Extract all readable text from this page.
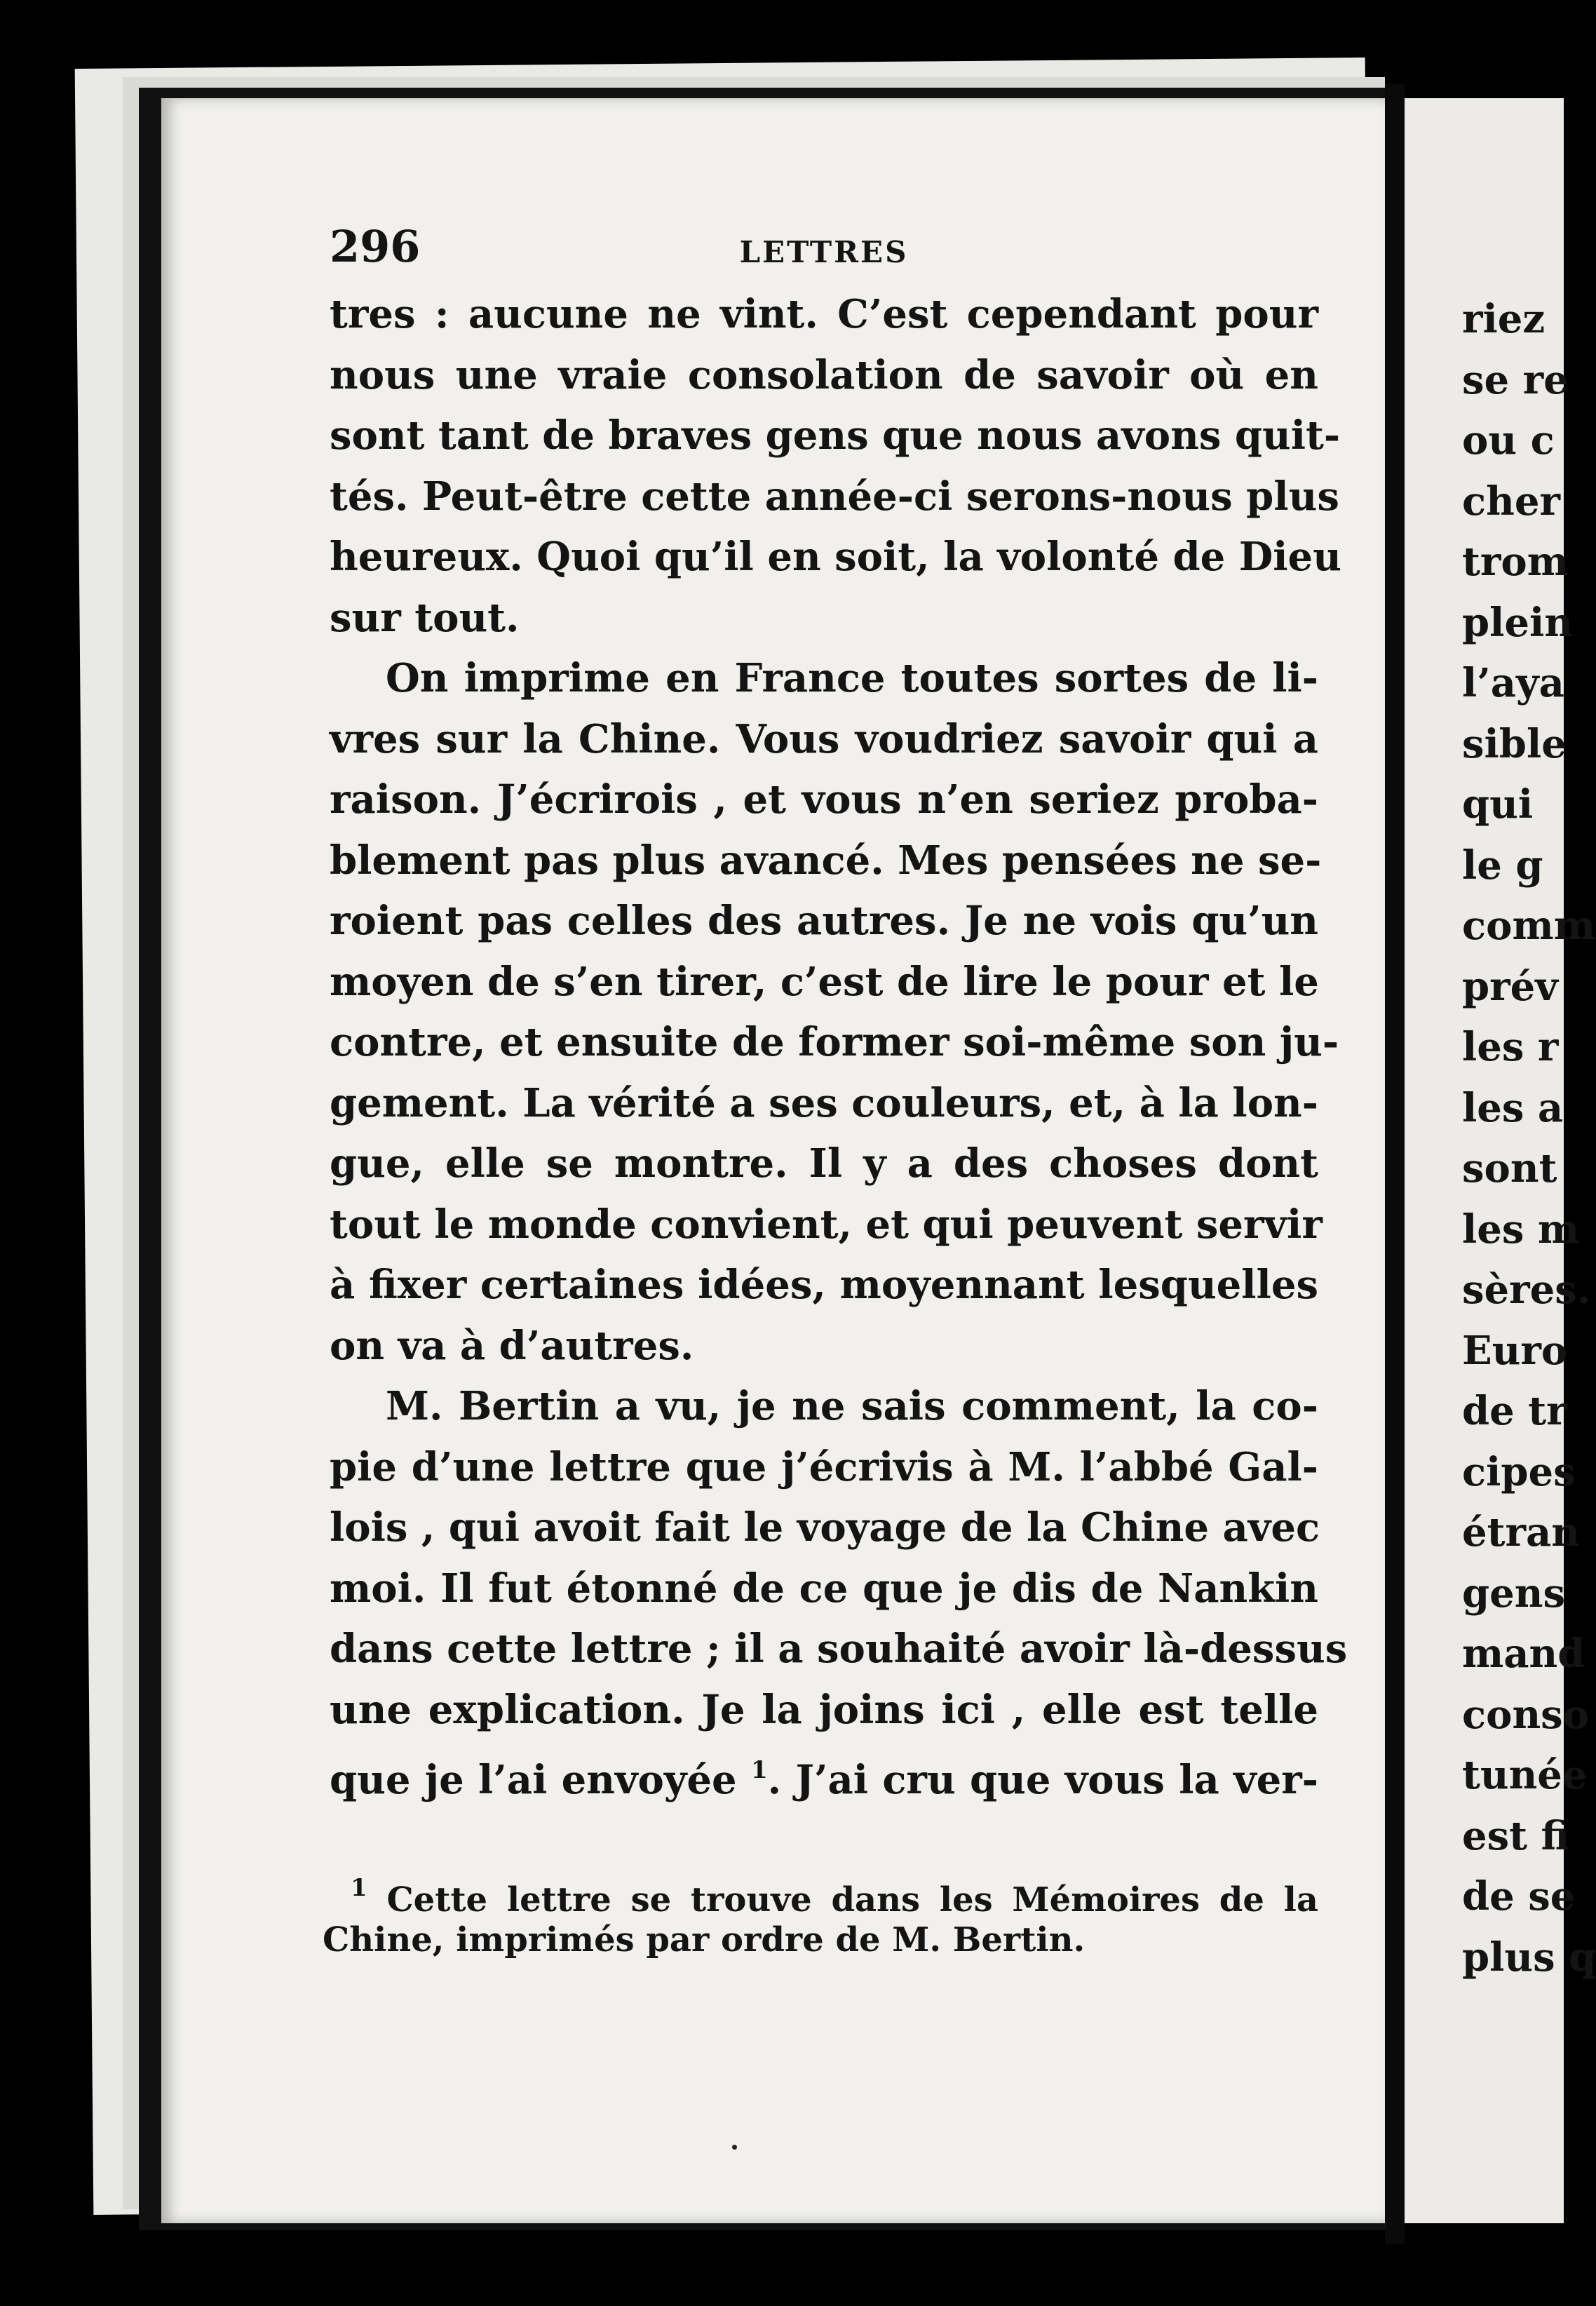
296	LETTRES
tres : aucune ne vint. C’est cependant pour
nous une vraie consolation de savoir où en
sont tant de braves gens que nous avons quit-
tés. Peut-être cette année-ci serons-nous plus
heureux. Quoi qu’il en soit, la volonté de Dieu
sur tout.
On imprime en France toutes sortes de li-
vres sur la Chine. Vous voudriez savoir qui a
raison. J’écrirois , et vous n’en seriez proba-
blement pas plus avancé. Mes pensées ne se-
roient pas celles des autres. Je ne vois qu’un
moyen de s’en tirer, c’est de lire le pour et le
contre, et ensuite de former soi-même son ju-
gement. La vérité a ses couleurs, et, à la lon-
gue, elle se montre. Il y a des choses dont
tout le monde convient, et qui peuvent servir
à fixer certaines idées, moyennant lesquelles
on va à d’autres.
M. Bertin a vu, je ne sais comment, la co-
pie d’une lettre que j’écrivis à M. l’abbé Gal-
lois , qui avoit fait le voyage de la Chine avec
moi. Il fut étonné de ce que je dis de Nankin
dans cette lettre ; il a souhaité avoir là-dessus
une explication. Je la joins ici , elle est telle
que je l’ai envoyée $^1$. J’ai cru que vous la ver-
$^1$ Cette lettre se trouve dans les Mémoires de la
Chine, imprimés par ordre de M. Bertin.
riez
se re
ou c
cher
trom
plein
l’aya
sible
qui
le g
comm
prév
les r
les a
sont
les m
sères.
Euro
de tr
cipes
étran
gens
mand
conso
tunée
est fi
de se
plus q
